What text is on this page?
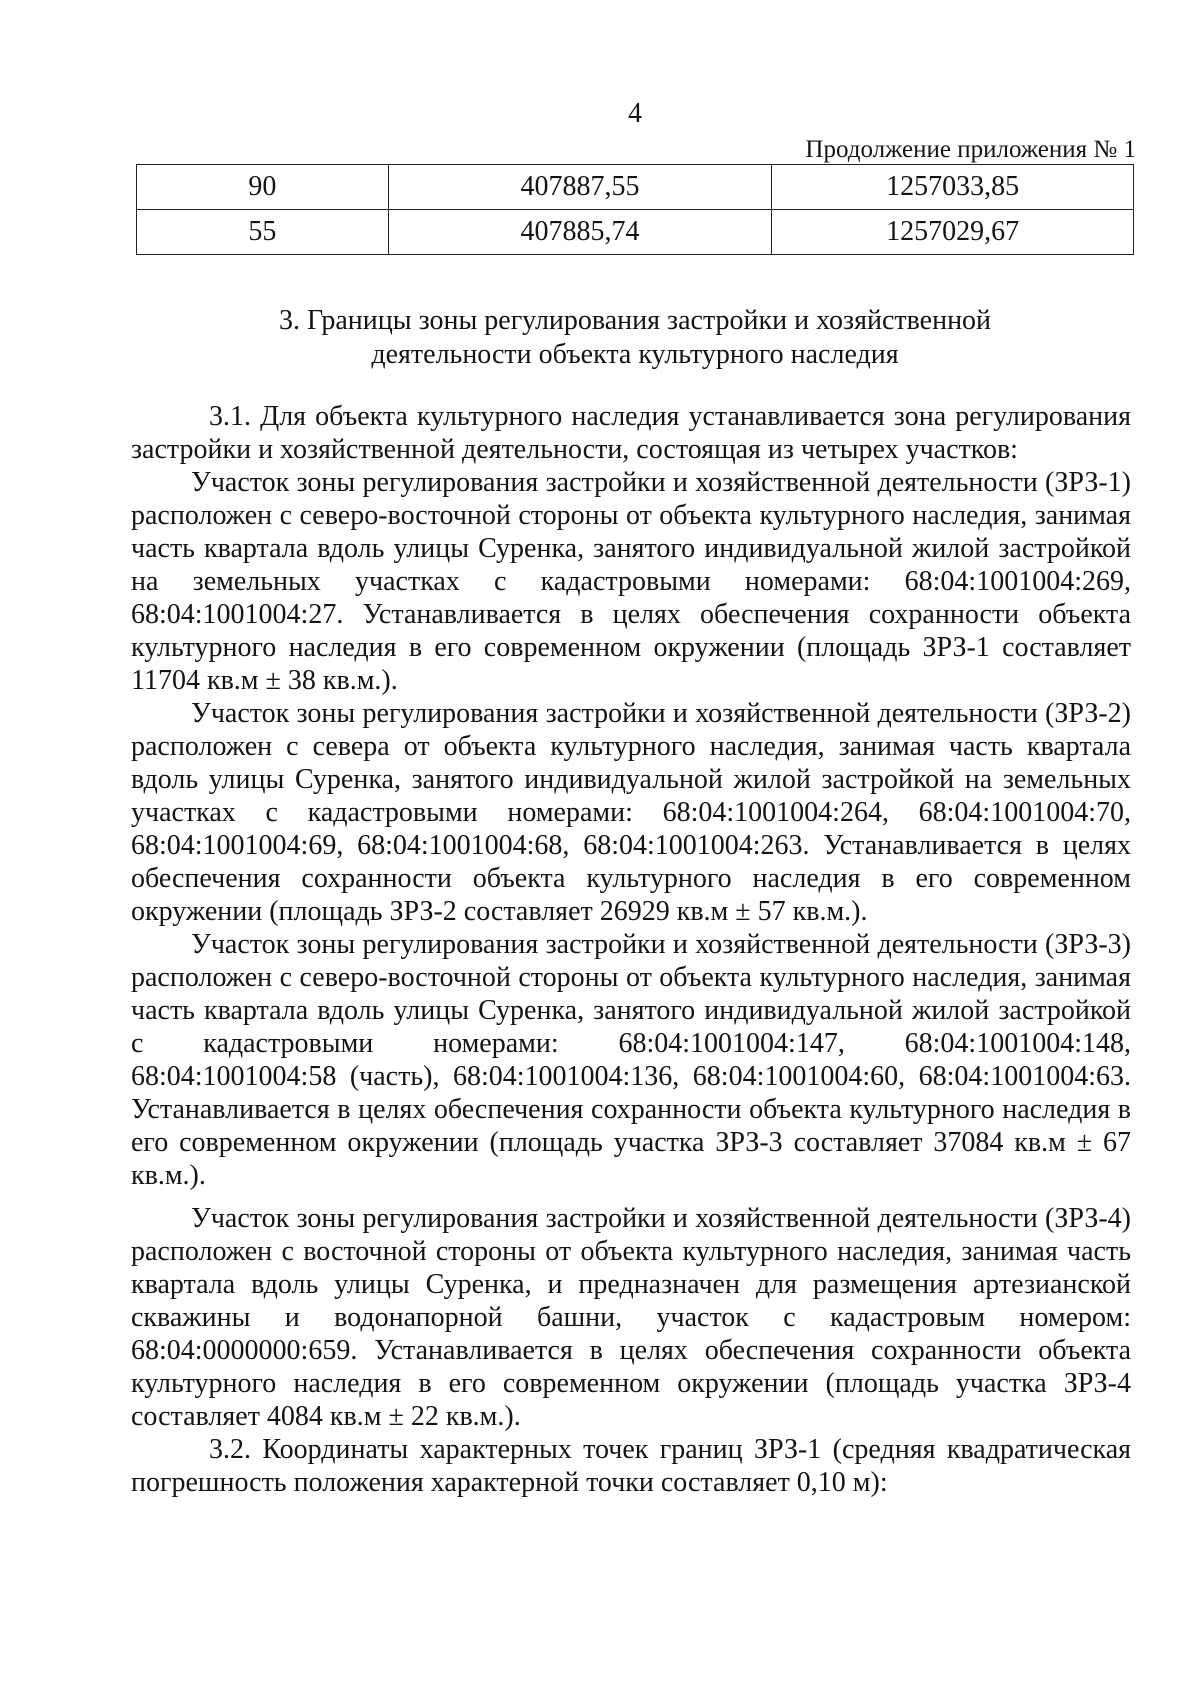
4
Продолжение приложения № 1
90	407887,55	1257033,85
55	407885,74	1257029,67
3. Границы зоны регулирования застройки и хозяйственной деятельности объекта культурного наследия

3.1. Для объекта культурного наследия устанавливается зона регулирования застройки и хозяйственной деятельности, состоящая из четырех участков:

Участок зоны регулирования застройки и хозяйственной деятельности (ЗРЗ-1) расположен с северо-восточной стороны от объекта культурного наследия, занимая часть квартала вдоль улицы Суренка, занятого индивидуальной жилой застройкой на земельных участках с кадастровыми номерами: 68:04:1001004:269, 68:04:1001004:27. Устанавливается в целях обеспечения сохранности объекта культурного наследия в его современном окружении (площадь ЗРЗ-1 составляет 11704 кв.м ± 38 кв.м.).

Участок зоны регулирования застройки и хозяйственной деятельности (ЗРЗ-2) расположен с севера от объекта культурного наследия, занимая часть квартала вдоль улицы Суренка, занятого индивидуальной жилой застройкой на земельных участках с кадастровыми номерами: 68:04:1001004:264, 68:04:1001004:70, 68:04:1001004:69, 68:04:1001004:68, 68:04:1001004:263. Устанавливается в целях обеспечения сохранности объекта культурного наследия в его современном окружении (площадь ЗРЗ-2 составляет 26929 кв.м ± 57 кв.м.).

Участок зоны регулирования застройки и хозяйственной деятельности (ЗРЗ-3) расположен с северо-восточной стороны от объекта культурного наследия, занимая часть квартала вдоль улицы Суренка, занятого индивидуальной жилой застройкой с кадастровыми номерами: 68:04:1001004:147, 68:04:1001004:148, 68:04:1001004:58 (часть), 68:04:1001004:136, 68:04:1001004:60, 68:04:1001004:63. Устанавливается в целях обеспечения сохранности объекта культурного наследия в его современном окружении (площадь участка ЗРЗ-3 составляет 37084 кв.м ± 67 кв.м.).

Участок зоны регулирования застройки и хозяйственной деятельности (ЗРЗ-4) расположен с восточной стороны от объекта культурного наследия, занимая часть квартала вдоль улицы Суренка, и предназначен для размещения артезианской скважины и водонапорной башни, участок с кадастровым номером: 68:04:0000000:659. Устанавливается в целях обеспечения сохранности объекта культурного наследия в его современном окружении (площадь участка ЗРЗ-4 составляет 4084 кв.м ± 22 кв.м.).

3.2. Координаты характерных точек границ ЗРЗ-1 (средняя квадратическая погрешность положения характерной точки составляет 0,10 м):
